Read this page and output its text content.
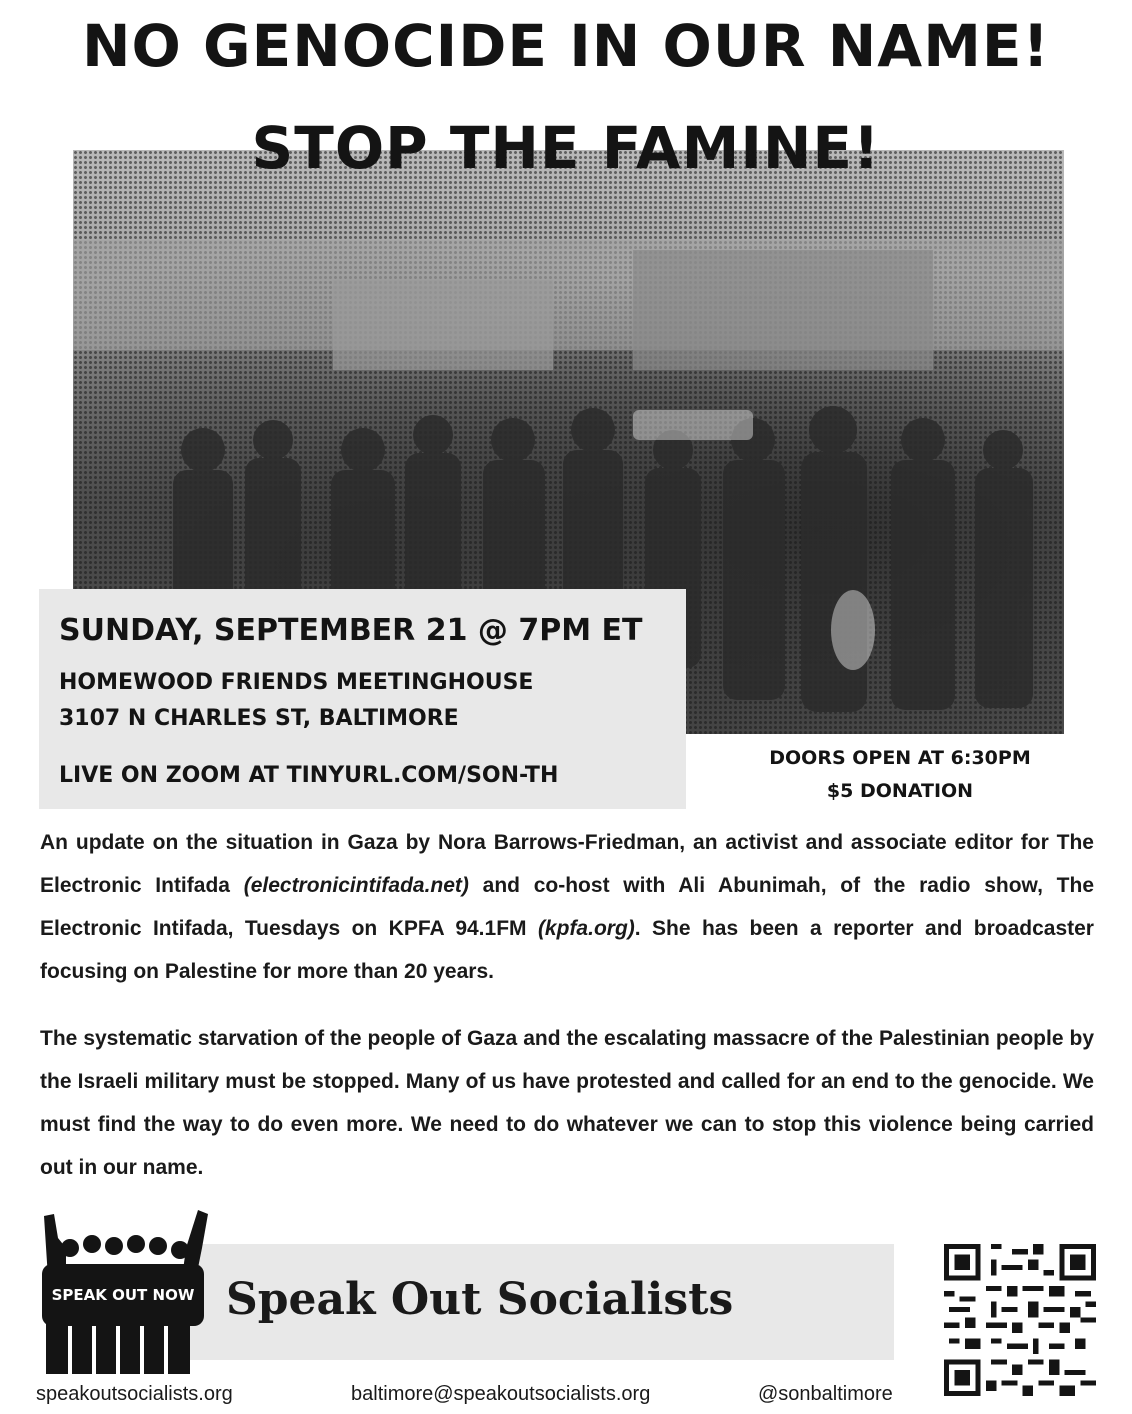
NO GENOCIDE IN OUR NAME!
STOP THE FAMINE!
SUNDAY, SEPTEMBER 21 @ 7PM ET
HOMEWOOD FRIENDS MEETINGHOUSE
3107 N CHARLES ST, BALTIMORE
LIVE ON ZOOM AT TINYURL.COM/SON-TH
DOORS OPEN AT 6:30PM
$5 DONATION

An update on the situation in Gaza by Nora Barrows-Friedman, an activist and associate editor for The Electronic Intifada (electronicintifada.net) and co-host with Ali Abunimah, of the radio show, The Electronic Intifada, Tuesdays on KPFA 94.1FM (kpfa.org). She has been a reporter and broadcaster focusing on Palestine for more than 20 years.

The systematic starvation of the people of Gaza and the escalating massacre of the Palestinian people by the Israeli military must be stopped. Many of us have protested and called for an end to the genocide. We must find the way to do even more. We need to do whatever we can to stop this violence being carried out in our name.

Speak Out Socialists
SPEAK OUT NOW
speakoutsocialists.org	baltimore@speakoutsocialists.org	@sonbaltimore
